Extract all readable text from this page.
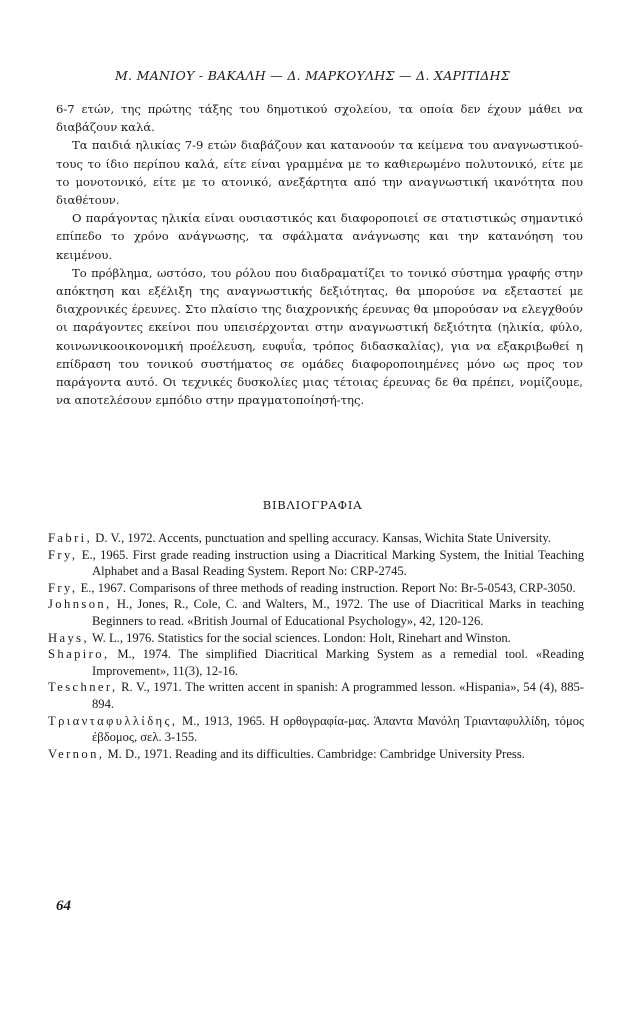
Μ. ΜΑΝΙΟΥ - ΒΑΚΑΛΗ — Δ. ΜΑΡΚΟΥΛΗΣ — Δ. ΧΑΡΙΤΙΔΗΣ

6-7 ετών, της πρώτης τάξης του δημοτικού σχολείου, τα οποία δεν έχουν μάθει να διαβάζουν καλά.

Τα παιδιά ηλικίας 7-9 ετών διαβάζουν και κατανοούν τα κείμενα του αναγνωστικού-τους το ίδιο περίπου καλά, είτε είναι γραμμένα με το καθιερωμένο πολυτονικό, είτε με το μονοτονικό, είτε με το ατονικό, ανεξάρτητα από την αναγνωστική ικανότητα που διαθέτουν.

Ο παράγοντας ηλικία είναι ουσιαστικός και διαφοροποιεί σε στατιστικώς σημαντικό επίπεδο το χρόνο ανάγνωσης, τα σφάλματα ανάγνωσης και την κατανόηση του κειμένου.

Το πρόβλημα, ωστόσο, του ρόλου που διαδραματίζει το τονικό σύστημα γραφής στην απόκτηση και εξέλιξη της αναγνωστικής δεξιότητας, θα μπορούσε να εξεταστεί με διαχρονικές έρευνες. Στο πλαίσιο της διαχρονικής έρευνας θα μπορούσαν να ελεγχθούν οι παράγοντες εκείνοι που υπεισέρχονται στην αναγνωστική δεξιότητα (ηλικία, φύλο, κοινωνικοοικονομική προέλευση, ευφυΐα, τρόπος διδασκαλίας), για να εξακριβωθεί η επίδραση του τονικού συστήματος σε ομάδες διαφοροποιημένες μόνο ως προς τον παράγοντα αυτό. Οι τεχνικές δυσκολίες μιας τέτοιας έρευνας δε θα πρέπει, νομίζουμε, να αποτελέσουν εμπόδιο στην πραγματοποίησή-της.

ΒΙΒΛΙΟΓΡΑΦΙΑ
Fabri, D. V., 1972. Accents, punctuation and spelling accuracy. Kansas, Wichita State University.
Fry, E., 1965. First grade reading instruction using a Diacritical Marking System, the Initial Teaching Alphabet and a Basal Reading System. Report No: CRP-2745.
Fry, E., 1967. Comparisons of three methods of reading instruction. Report No: Br-5-0543, CRP-3050.
Johnson, H., Jones, R., Cole, C. and Walters, M., 1972. The use of Diacritical Marks in teaching Beginners to read. «British Journal of Educational Psychology», 42, 120-126.
Hays, W. L., 1976. Statistics for the social sciences. London: Holt, Rinehart and Winston.
Shapiro, M., 1974. The simplified Diacritical Marking System as a remedial tool. «Reading Improvement», 11(3), 12-16.
Teschner, R. V., 1971. The written accent in spanish: A programmed lesson. «Hispania», 54 (4), 885-894.
Τριανταφυλλίδης, Μ., 1913, 1965. Η ορθογραφία-μας. Άπαντα Μανόλη Τριανταφυλλίδη, τόμος έβδομος, σελ. 3-155.
Vernon, M. D., 1971. Reading and its difficulties. Cambridge: Cambridge University Press.
64
